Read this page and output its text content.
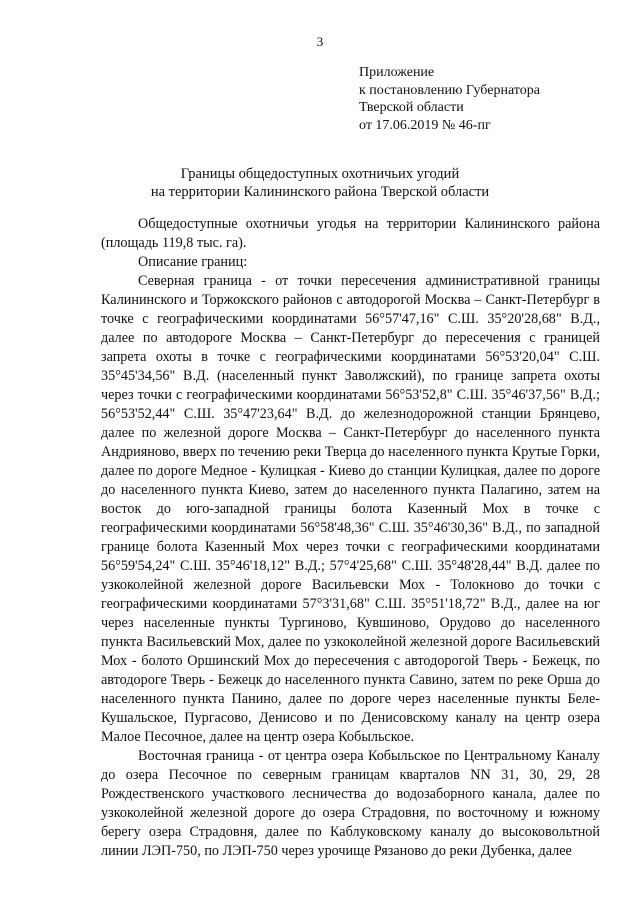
3
Приложение
к постановлению Губернатора
Тверской области
от 17.06.2019 № 46-пг
Границы общедоступных охотничьих угодий
на территории Калининского района Тверской области

Общедоступные охотничьи угодья на территории Калининского района (площадь 119,8 тыс. га).

Описание границ:

Северная граница - от точки пересечения административной границы Калининского и Торжокского районов с автодорогой Москва – Санкт-Петербург в точке с географическими координатами 56°57'47,16" С.Ш. 35°20'28,68" В.Д., далее по автодороге Москва – Санкт-Петербург до пересечения с границей запрета охоты в точке с географическими координатами 56°53'20,04" С.Ш. 35°45'34,56" В.Д. (населенный пункт Заволжский), по границе запрета охоты через точки с географическими координатами 56°53'52,8" С.Ш. 35°46'37,56" В.Д.; 56°53'52,44" С.Ш. 35°47'23,64" В.Д. до железнодорожной станции Брянцево, далее по железной дороге Москва – Санкт-Петербург до населенного пункта Андрияново, вверх по течению реки Тверца до населенного пункта Крутые Горки, далее по дороге Медное - Кулицкая - Киево до станции Кулицкая, далее по дороге до населенного пункта Киево, затем до населенного пункта Палагино, затем на восток до юго-западной границы болота Казенный Мох в точке с географическими координатами 56°58'48,36" С.Ш. 35°46'30,36" В.Д., по западной границе болота Казенный Мох через точки с географическими координатами 56°59'54,24" С.Ш. 35°46'18,12" В.Д.; 57°4'25,68" С.Ш. 35°48'28,44" В.Д. далее по узкоколейной железной дороге Васильевски Мох - Толокново до точки с географическими координатами 57°3'31,68" С.Ш. 35°51'18,72" В.Д., далее на юг через населенные пункты Тургиново, Кувшиново, Орудово до населенного пункта Васильевский Мох, далее по узкоколейной железной дороге Васильевский Мох - болото Оршинский Мох до пересечения с автодорогой Тверь - Бежецк, по автодороге Тверь - Бежецк до населенного пункта Савино, затем по реке Орша до населенного пункта Панино, далее по дороге через населенные пункты Беле-Кушальское, Пургасово, Денисово и по Денисовскому каналу на центр озера Малое Песочное, далее на центр озера Кобыльское.

Восточная граница - от центра озера Кобыльское по Центральному Каналу до озера Песочное по северным границам кварталов NN 31, 30, 29, 28 Рождественского участкового лесничества до водозаборного канала, далее по узкоколейной железной дороге до озера Страдовня, по восточному и южному берегу озера Страдовня, далее по Каблуковскому каналу до высоковольтной линии ЛЭП-750, по ЛЭП-750 через урочище Рязаново до реки Дубенка, далее
